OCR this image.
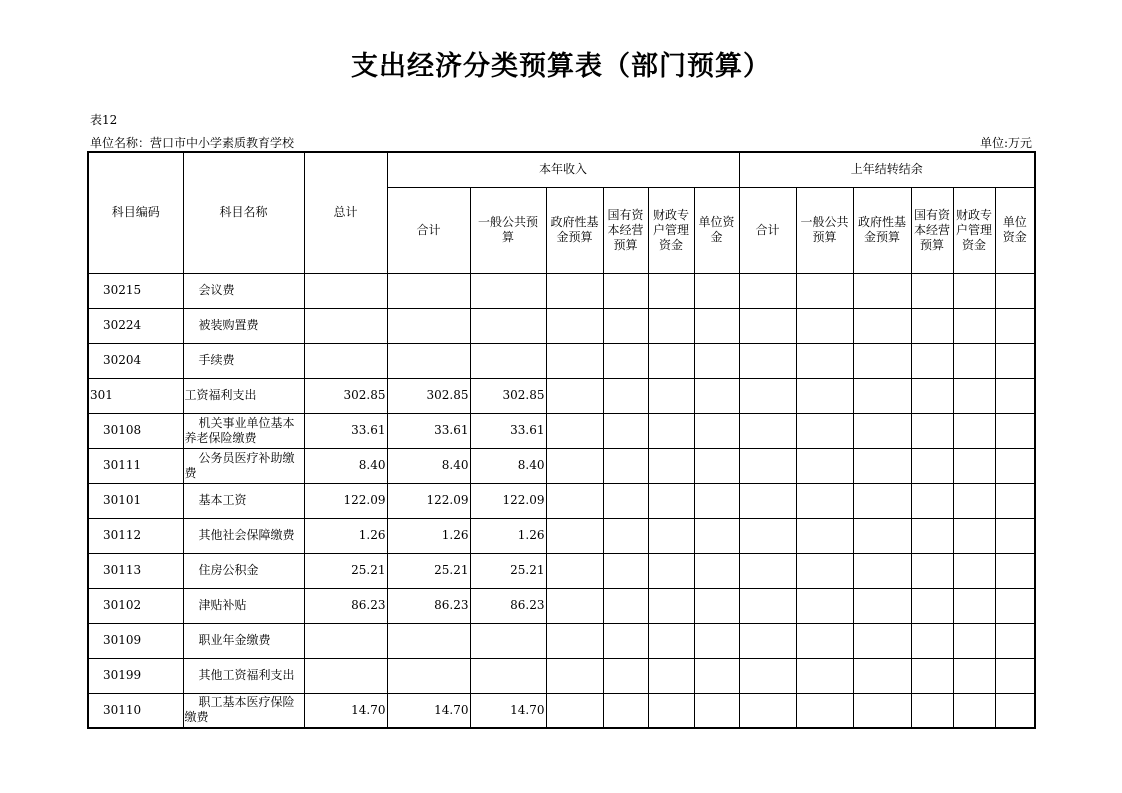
支出经济分类预算表（部门预算）
表12
单位名称：营口市中小学素质教育学校	单位:万元
科目编码	科目名称	总计	本年收入						上年结转结余					
			合计	一般公共预算	政府性基金预算	国有资本经营预算	财政专户管理资金	单位资金	合计	一般公共预算	政府性基金预算	国有资本经营预算	财政专户管理资金	单位资金
30215	会议费													
30224	被装购置费													
30204	手续费													
301	工资福利支出	302.85	302.85	302.85										
30108	机关事业单位基本养老保险缴费	33.61	33.61	33.61										
30111	公务员医疗补助缴费	8.40	8.40	8.40										
30101	基本工资	122.09	122.09	122.09										
30112	其他社会保障缴费	1.26	1.26	1.26										
30113	住房公积金	25.21	25.21	25.21										
30102	津贴补贴	86.23	86.23	86.23										
30109	职业年金缴费													
30199	其他工资福利支出													
30110	职工基本医疗保险缴费	14.70	14.70	14.70										
